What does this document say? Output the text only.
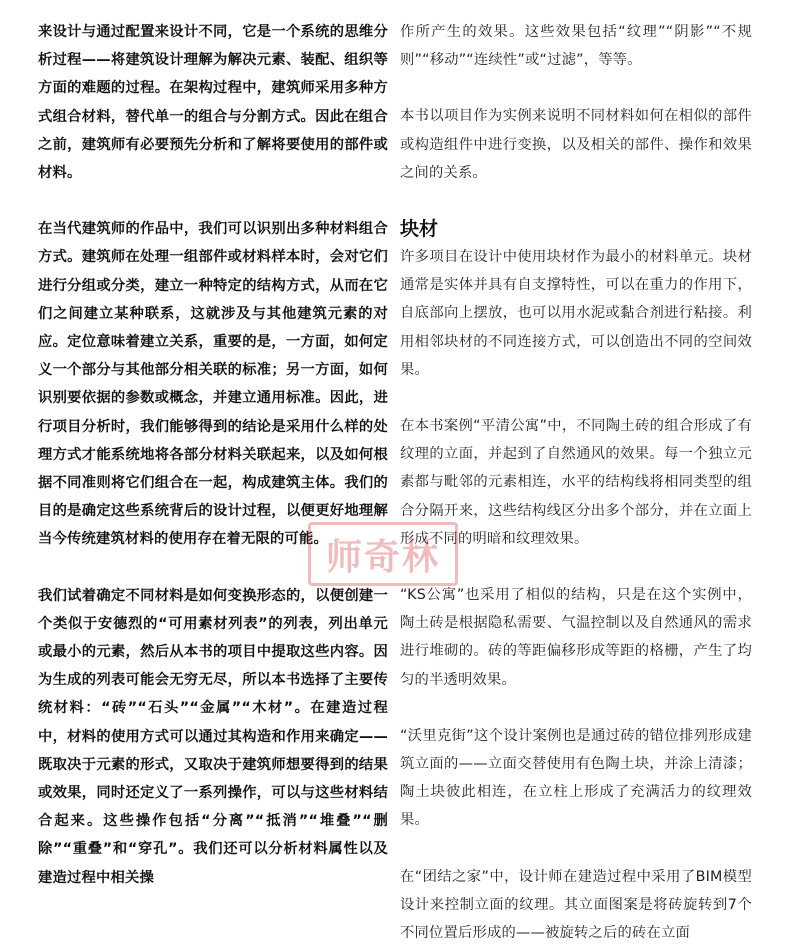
来设计与通过配置来设计不同，它是一个系统的思维分析过程——将建筑设计理解为解决元素、装配、组织等方面的难题的过程。在架构过程中，建筑师采用多种方式组合材料，替代单一的组合与分割方式。因此在组合之前，建筑师有必要预先分析和了解将要使用的部件或材料。

在当代建筑师的作品中，我们可以识别出多种材料组合方式。建筑师在处理一组部件或材料样本时，会对它们进行分组或分类，建立一种特定的结构方式，从而在它们之间建立某种联系，这就涉及与其他建筑元素的对应。定位意味着建立关系，重要的是，一方面，如何定义一个部分与其他部分相关联的标准；另一方面，如何识别要依据的参数或概念，并建立通用标准。因此，进行项目分析时，我们能够得到的结论是采用什么样的处理方式才能系统地将各部分材料关联起来，以及如何根据不同准则将它们组合在一起，构成建筑主体。我们的目的是确定这些系统背后的设计过程，以便更好地理解当今传统建筑材料的使用存在着无限的可能。

我们试着确定不同材料是如何变换形态的，以便创建一个类似于安德烈的“可用素材列表”的列表，列出单元或最小的元素，然后从本书的项目中提取这些内容。因为生成的列表可能会无穷无尽，所以本书选择了主要传统材料：“砖”“石头”“金属”“木材”。在建造过程中，材料的使用方式可以通过其构造和作用来确定——既取决于元素的形式，又取决于建筑师想要得到的结果或效果，同时还定义了一系列操作，可以与这些材料结合起来。这些操作包括“分离”“抵消”“堆叠”“删除”“重叠”和“穿孔”。我们还可以分析材料属性以及建造过程中相关操

作所产生的效果。这些效果包括“纹理”“阴影”“不规则”“移动”“连续性”或“过滤”，等等。

本书以项目作为实例来说明不同材料如何在相似的部件或构造组件中进行变换，以及相关的部件、操作和效果之间的关系。

块材

许多项目在设计中使用块材作为最小的材料单元。块材通常是实体并具有自支撑特性，可以在重力的作用下，自底部向上摆放，也可以用水泥或黏合剂进行粘接。利用相邻块材的不同连接方式，可以创造出不同的空间效果。

在本书案例“平清公寓”中，不同陶土砖的组合形成了有纹理的立面，并起到了自然通风的效果。每一个独立元素都与毗邻的元素相连，水平的结构线将相同类型的组合分隔开来，这些结构线区分出多个部分，并在立面上形成不同的明暗和纹理效果。

“KS公寓”也采用了相似的结构，只是在这个实例中，陶土砖是根据隐私需要、气温控制以及自然通风的需求进行堆砌的。砖的等距偏移形成等距的格栅，产生了均匀的半透明效果。

“沃里克街”这个设计案例也是通过砖的错位排列形成建筑立面的——立面交替使用有色陶土块，并涂上清漆；陶土块彼此相连，在立柱上形成了充满活力的纹理效果。

在“团结之家”中，设计师在建造过程中采用了BIM模型设计来控制立面的纹理。其立面图案是将砖旋转到7个不同位置后形成的——被旋转之后的砖在立面

师奇林
